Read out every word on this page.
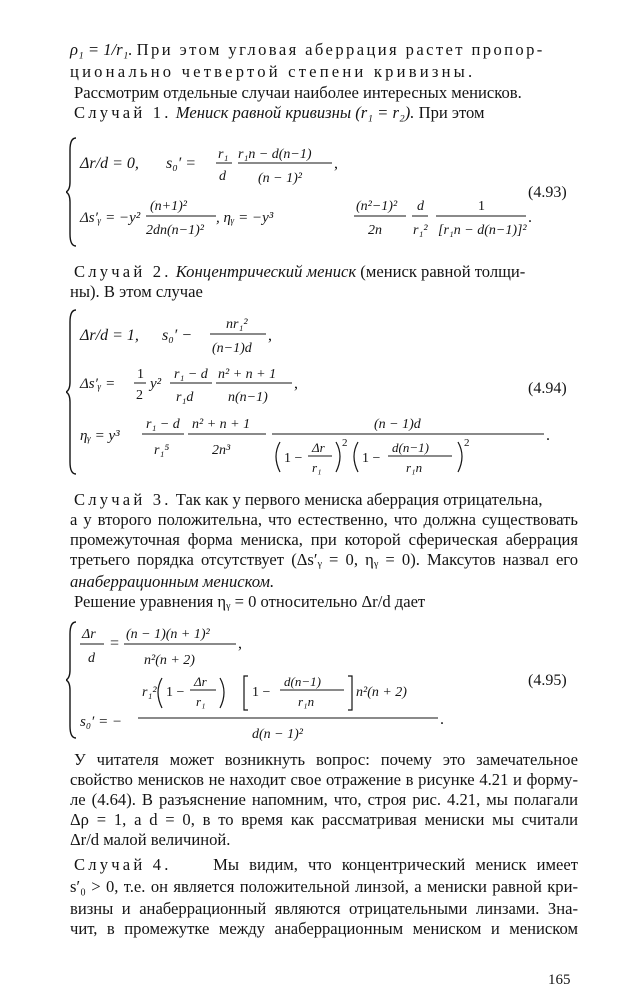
ρ₁ = 1/r₁. При этом угловая аберрация растет пропор-
ционально четвертой степени кривизны.
Рассмотрим отдельные случаи наиболее интересных менисков.
Случай 1. Мениск равной кривизны (r₁ = r₂). При этом
Δr/d = 0, s₀′ =
r₁
d
r₁n − d(n−1)
(n − 1)²
,
Δs′ᵧ = −y²
(n+1)²
2dn(n−1)²
, ηᵧ = −y³
(n²−1)²
2n
d
r₁²
1
[r₁n − d(n−1)]²
.
(4.93)
Случай 2. Концентрический мениск (мениск равной толщи-
ны). В этом случае
Δr/d = 1, s₀′ −
nr₁²
(n−1)d
,
Δs′ᵧ =
1
2
y²
r₁ − d
r₁d
n² + n + 1
n(n−1)
,
ηᵧ = y³
r₁ − d
r₁⁵
n² + n + 1
2n³
(n − 1)d
1 −
Δr
r₁
2
1 −
d(n−1)
r₁n
2	.
(4.94)
Случай 3. Так как у первого мениска аберрация отрицательна,
а у второго положительна, что естественно, что должна существовать
промежуточная форма мениска, при которой сферическая аберрация
третьего порядка отсутствует (Δs′ᵧ = 0, ηᵧ = 0). Максутов назвал его
анаберрационным мениском.
Решение уравнения ηᵧ = 0 относительно Δr/d дает
Δr
d
=
(n − 1)(n + 1)²
n²(n + 2)
,
s₀′ = −
r₁² 1 −
Δr
r₁
1 −
d(n−1)
r₁n
n²(n + 2)
d(n − 1)²
.
(4.95)
У читателя может возникнуть вопрос: почему это замечательное
свойство менисков не находит свое отражение в рисунке 4.21 и форму-
ле (4.64). В разъяснение напомним, что, строя рис. 4.21, мы полагали
Δρ = 1, а d = 0, в то время как рассматривая мениски мы считали
Δr/d малой величиной.
Случай 4. Мы видим, что концентрический мениск имеет
s′₀ > 0, т.е. он является положительной линзой, а мениски равной кри-
визны и анаберрационный являются отрицательными линзами. Зна-
чит, в промежутке между анаберрационным мениском и мениском
165
